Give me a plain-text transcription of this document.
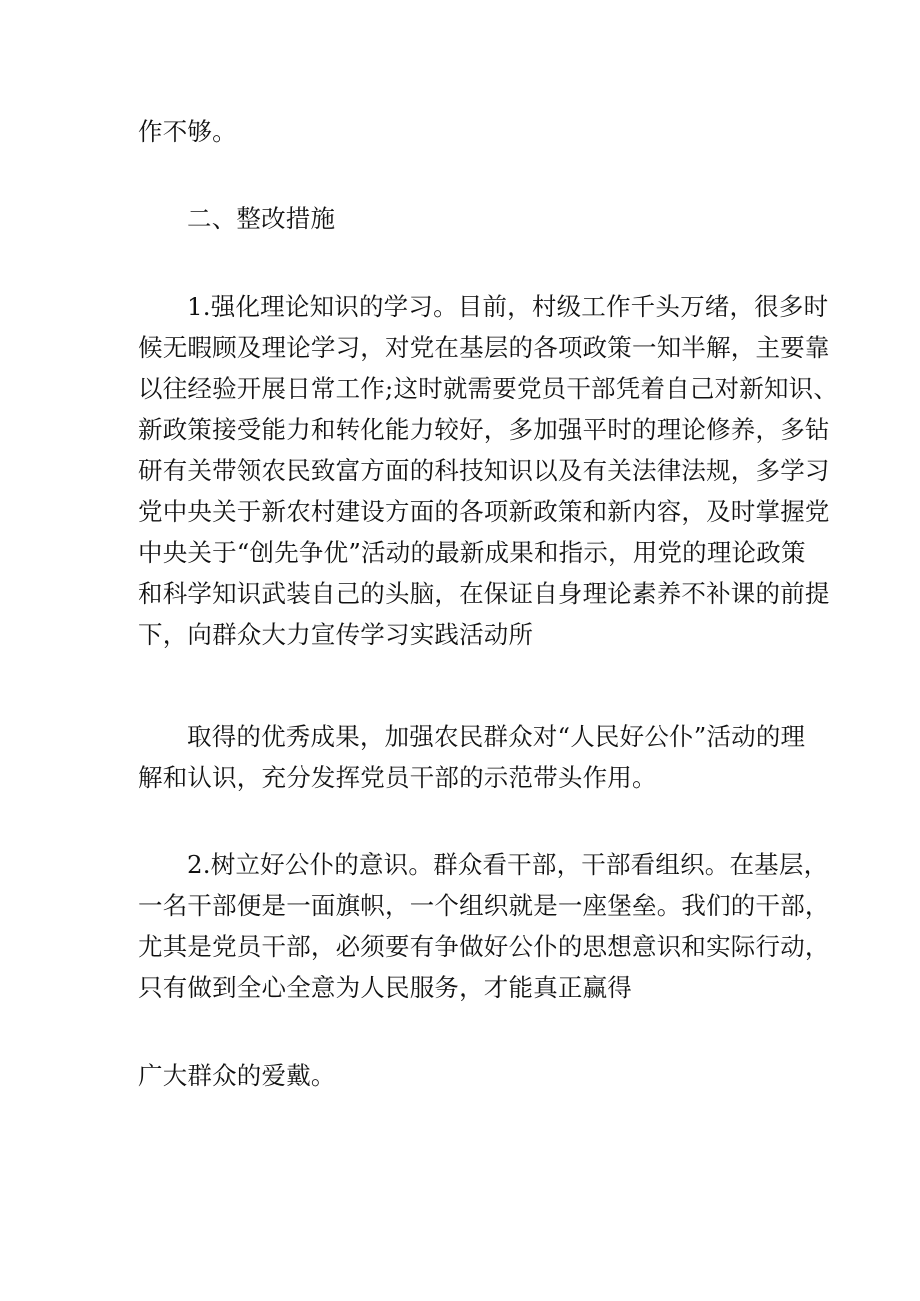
作不够。
二、整改措施
1.强化理论知识的学习。目前，村级工作千头万绪，很多时
候无暇顾及理论学习，对党在基层的各项政策一知半解，主要靠
以往经验开展日常工作;这时就需要党员干部凭着自己对新知识、
新政策接受能力和转化能力较好，多加强平时的理论修养，多钻
研有关带领农民致富方面的科技知识以及有关法律法规，多学习
党中央关于新农村建设方面的各项新政策和新内容，及时掌握党
中央关于“创先争优”活动的最新成果和指示，用党的理论政策
和科学知识武装自己的头脑，在保证自身理论素养不补课的前提
下，向群众大力宣传学习实践活动所
取得的优秀成果，加强农民群众对“人民好公仆”活动的理
解和认识，充分发挥党员干部的示范带头作用。
2.树立好公仆的意识。群众看干部，干部看组织。在基层，
一名干部便是一面旗帜，一个组织就是一座堡垒。我们的干部，
尤其是党员干部，必须要有争做好公仆的思想意识和实际行动，
只有做到全心全意为人民服务，才能真正赢得
广大群众的爱戴。
